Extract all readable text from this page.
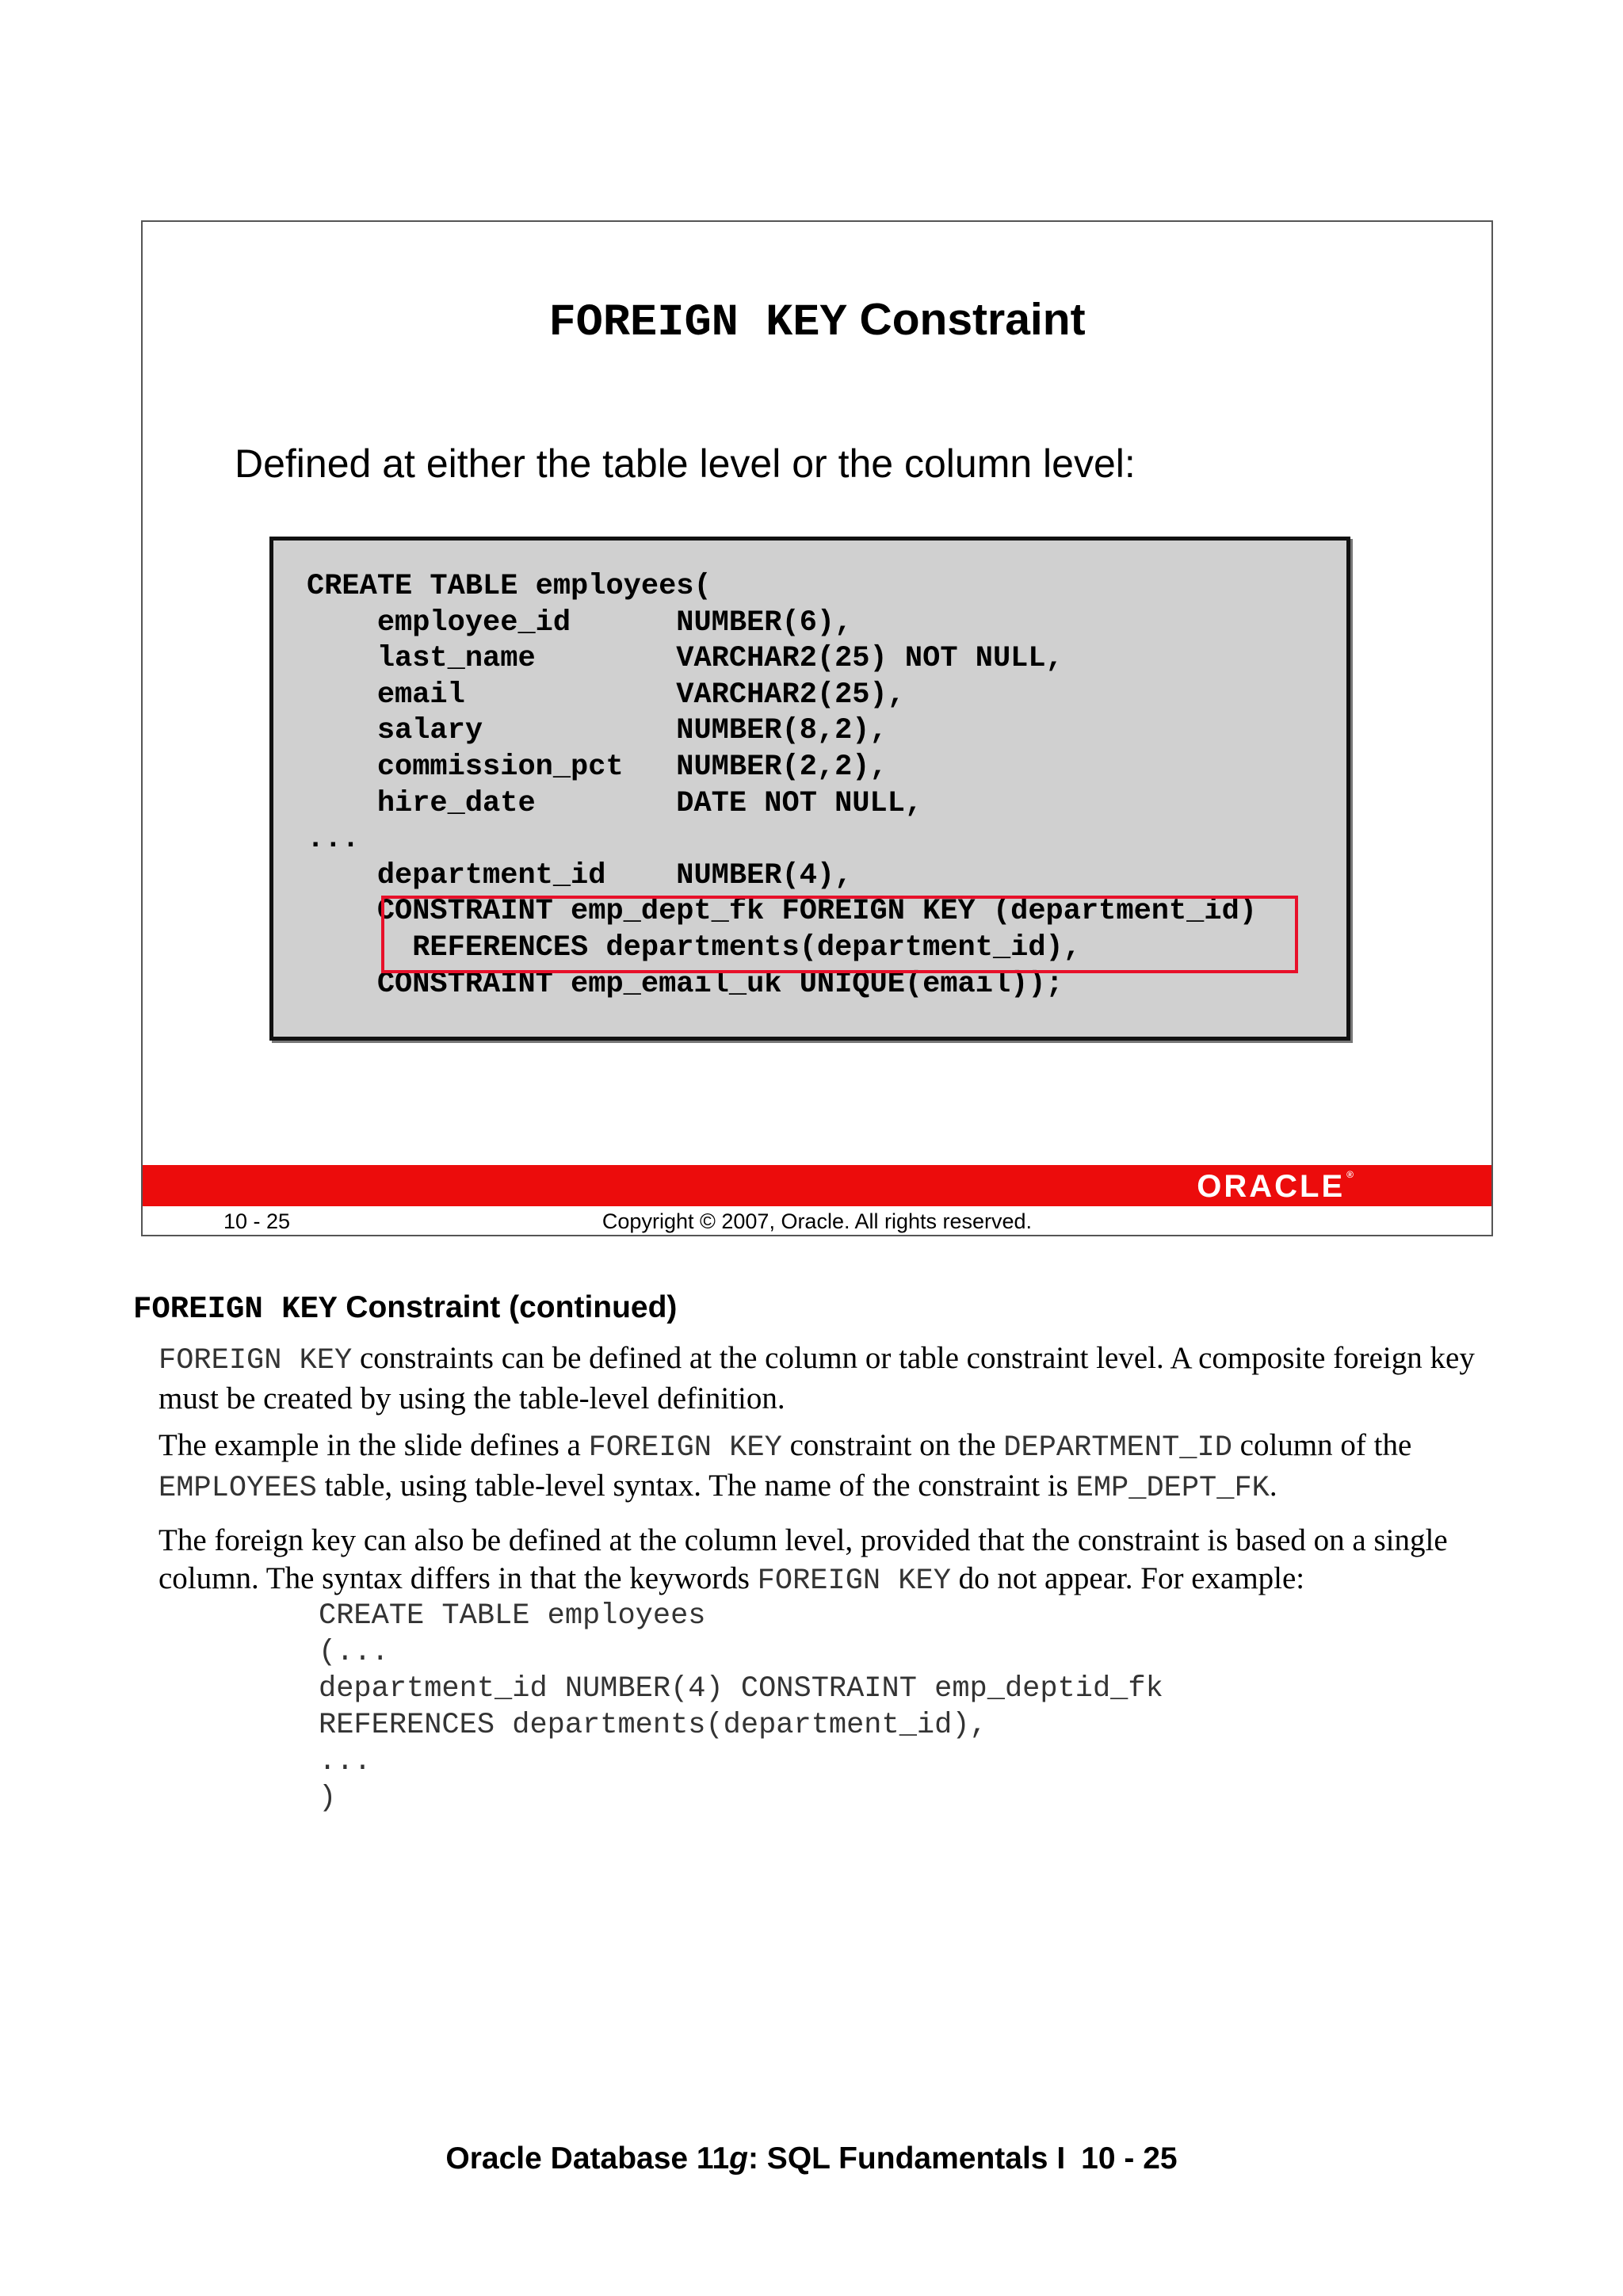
FOREIGN KEY Constraint
Defined at either the table level or the column level:
CREATE TABLE employees(
employee_id      NUMBER(6),
last_name        VARCHAR2(25) NOT NULL,
email            VARCHAR2(25),
salary           NUMBER(8,2),
commission_pct   NUMBER(2,2),
hire_date        DATE NOT NULL,
...
department_id    NUMBER(4),
CONSTRAINT emp_dept_fk FOREIGN KEY (department_id)
REFERENCES departments(department_id),
CONSTRAINT emp_email_uk UNIQUE(email));
ORACLE ®
10 - 25	Copyright © 2007, Oracle. All rights reserved.
FOREIGN KEY Constraint (continued)

FOREIGN KEY constraints can be defined at the column or table constraint level. A composite foreign key must be created by using the table-level definition.

The example in the slide defines a FOREIGN KEY constraint on the DEPARTMENT_ID column of the EMPLOYEES table, using table-level syntax. The name of the constraint is EMP_DEPT_FK.

The foreign key can also be defined at the column level, provided that the constraint is based on a single column. The syntax differs in that the keywords FOREIGN KEY do not appear. For example:

CREATE TABLE employees
(...
department_id NUMBER(4) CONSTRAINT emp_deptid_fk
REFERENCES departments(department_id),
...
)
Oracle Database 11g: SQL Fundamentals I 10 - 25
